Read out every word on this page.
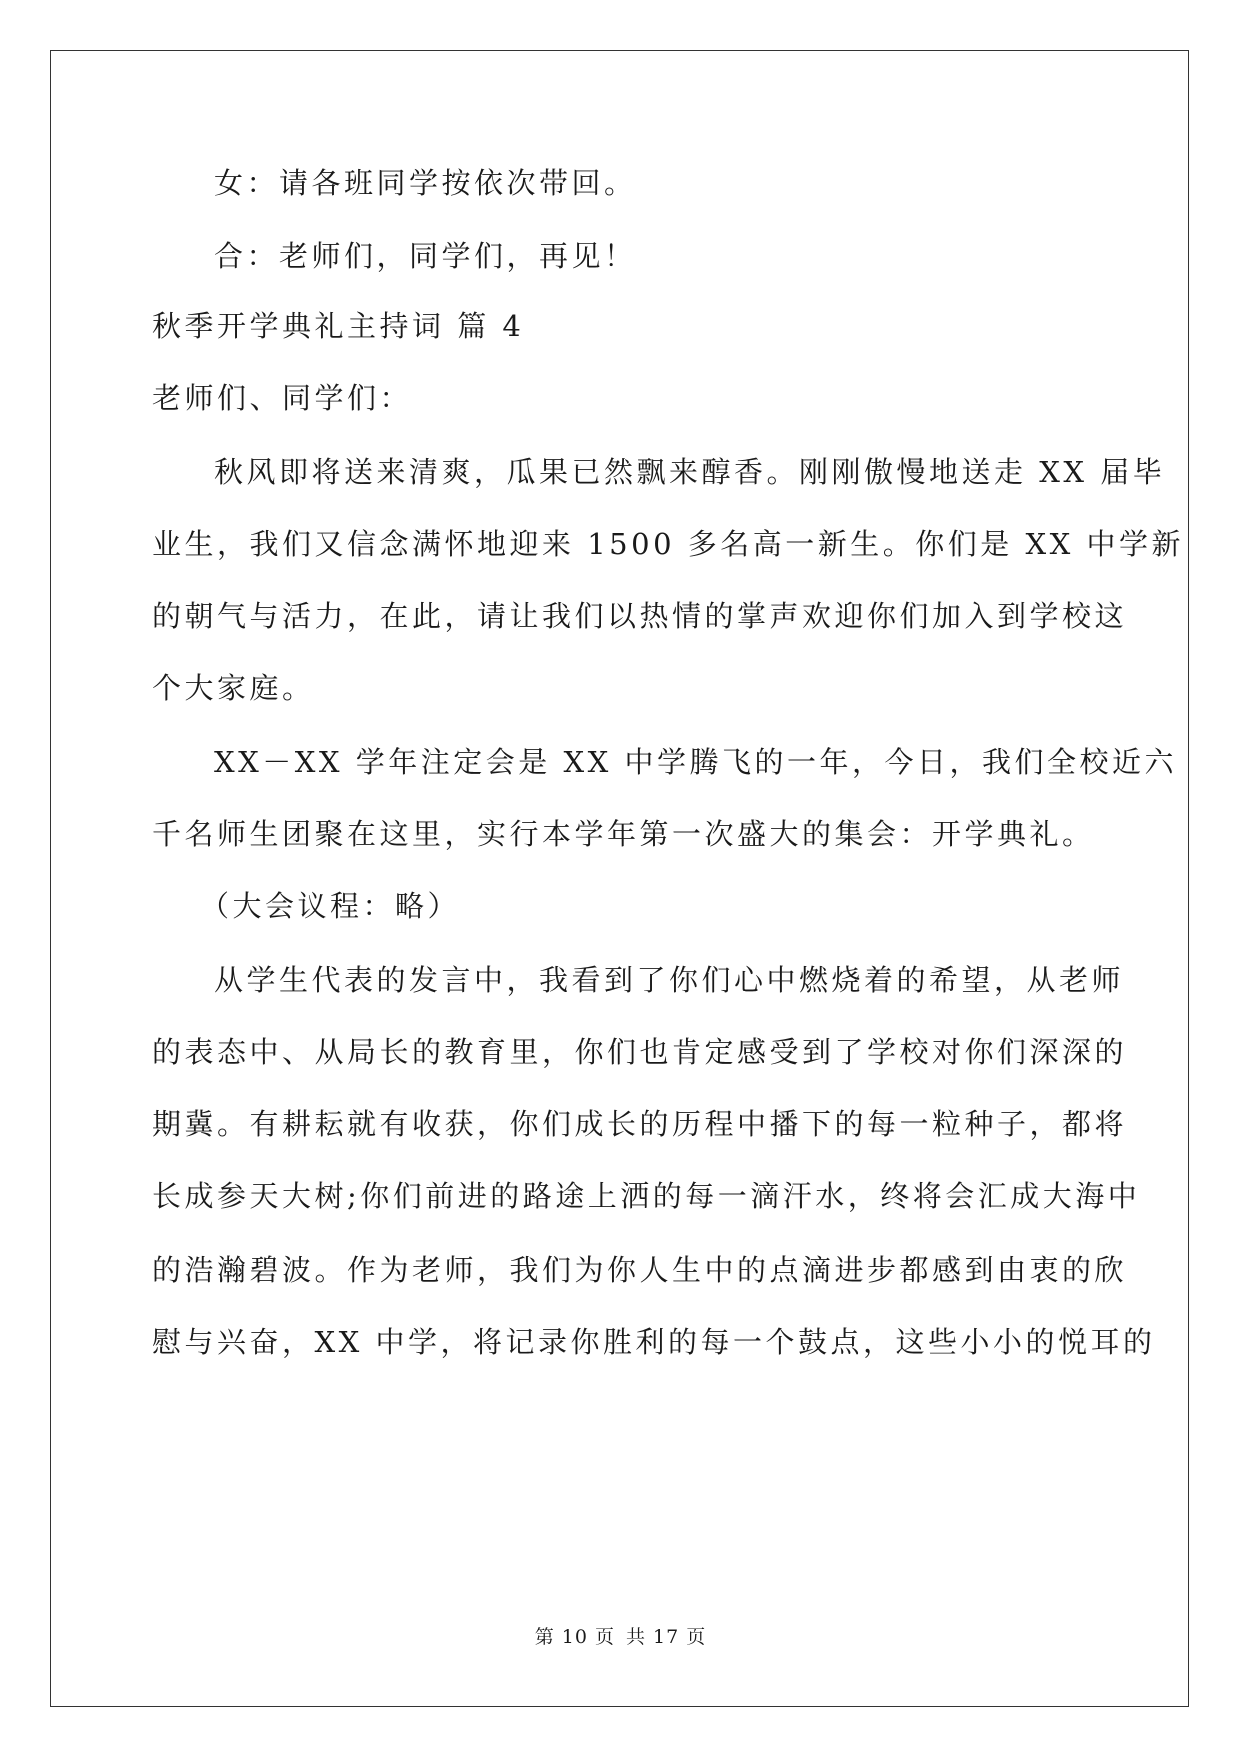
女：请各班同学按依次带回。
合：老师们，同学们，再见！
秋季开学典礼主持词 篇 4
老师们、同学们：
秋风即将送来清爽，瓜果已然飘来醇香。刚刚傲慢地送走 XX 届毕
业生，我们又信念满怀地迎来 1500 多名高一新生。你们是 XX 中学新
的朝气与活力，在此，请让我们以热情的掌声欢迎你们加入到学校这
个大家庭。
XX－XX 学年注定会是 XX 中学腾飞的一年，今日，我们全校近六
千名师生团聚在这里，实行本学年第一次盛大的集会：开学典礼。
（大会议程：略）
从学生代表的发言中，我看到了你们心中燃烧着的希望，从老师
的表态中、从局长的教育里，你们也肯定感受到了学校对你们深深的
期冀。有耕耘就有收获，你们成长的历程中播下的每一粒种子，都将
长成参天大树;你们前进的路途上洒的每一滴汗水，终将会汇成大海中
的浩瀚碧波。作为老师，我们为你人生中的点滴进步都感到由衷的欣
慰与兴奋，XX 中学，将记录你胜利的每一个鼓点，这些小小的悦耳的
第 10 页 共 17 页
